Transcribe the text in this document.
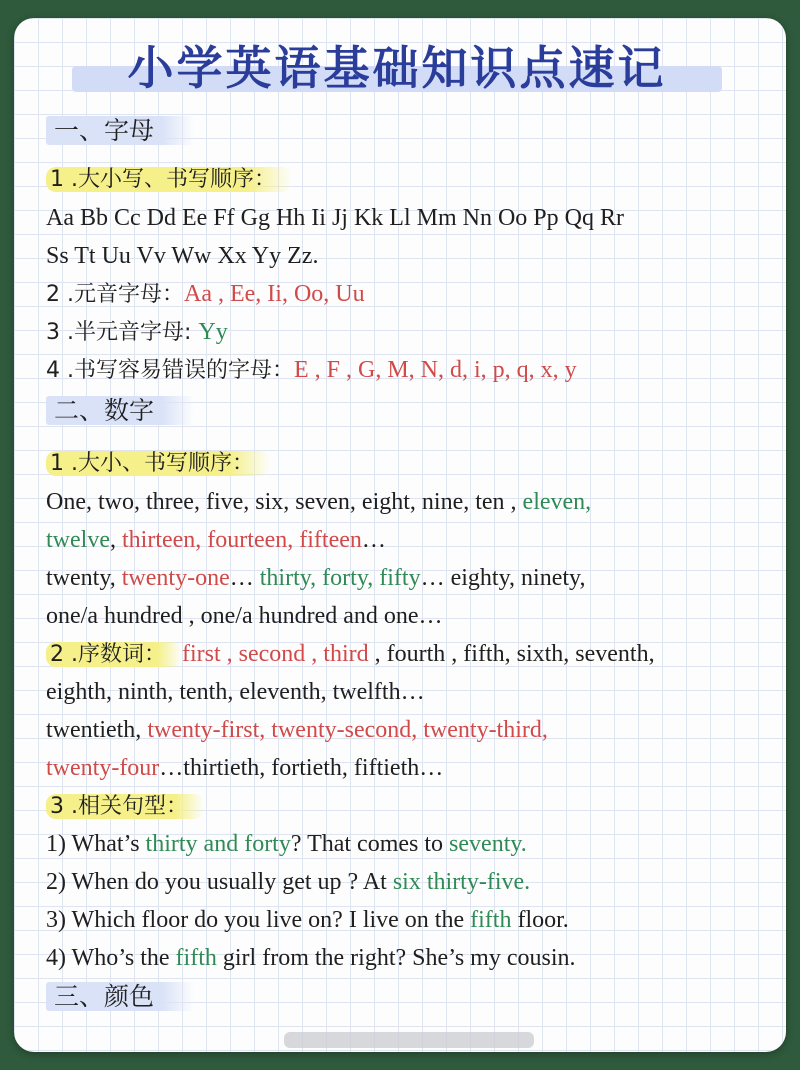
小学英语基础知识点速记
一、字母
1 .大小写、书写顺序：
Aa Bb Cc Dd Ee Ff Gg Hh Ii Jj Kk Ll Mm Nn Oo Pp Qq Rr
Ss Tt Uu Vv Ww Xx Yy Zz.
2 .元音字母：Aa , Ee, Ii, Oo, Uu
3 .半元音字母: Yy
4 .书写容易错误的字母：E , F , G, M, N, d, i, p, q, x, y
二、数字
1 .大小、书写顺序：
One, two, three, five, six, seven, eight, nine, ten , eleven,
twelve, thirteen, fourteen, fifteen…
twenty, twenty-one… thirty, forty, fifty… eighty, ninety,
one/a hundred , one/a hundred and one…
2 .序数词： first , second , third , fourth , fifth, sixth, seventh,
eighth, ninth, tenth, eleventh, twelfth…
twentieth, twenty-first, twenty-second, twenty-third,
twenty-four…thirtieth, fortieth, fiftieth…
3 .相关句型：
1) What’s thirty and forty? That comes to seventy.
2) When do you usually get up ? At six thirty-five.
3) Which floor do you live on? I live on the fifth floor.
4) Who’s the fifth girl from the right? She’s my cousin.
三、颜色
